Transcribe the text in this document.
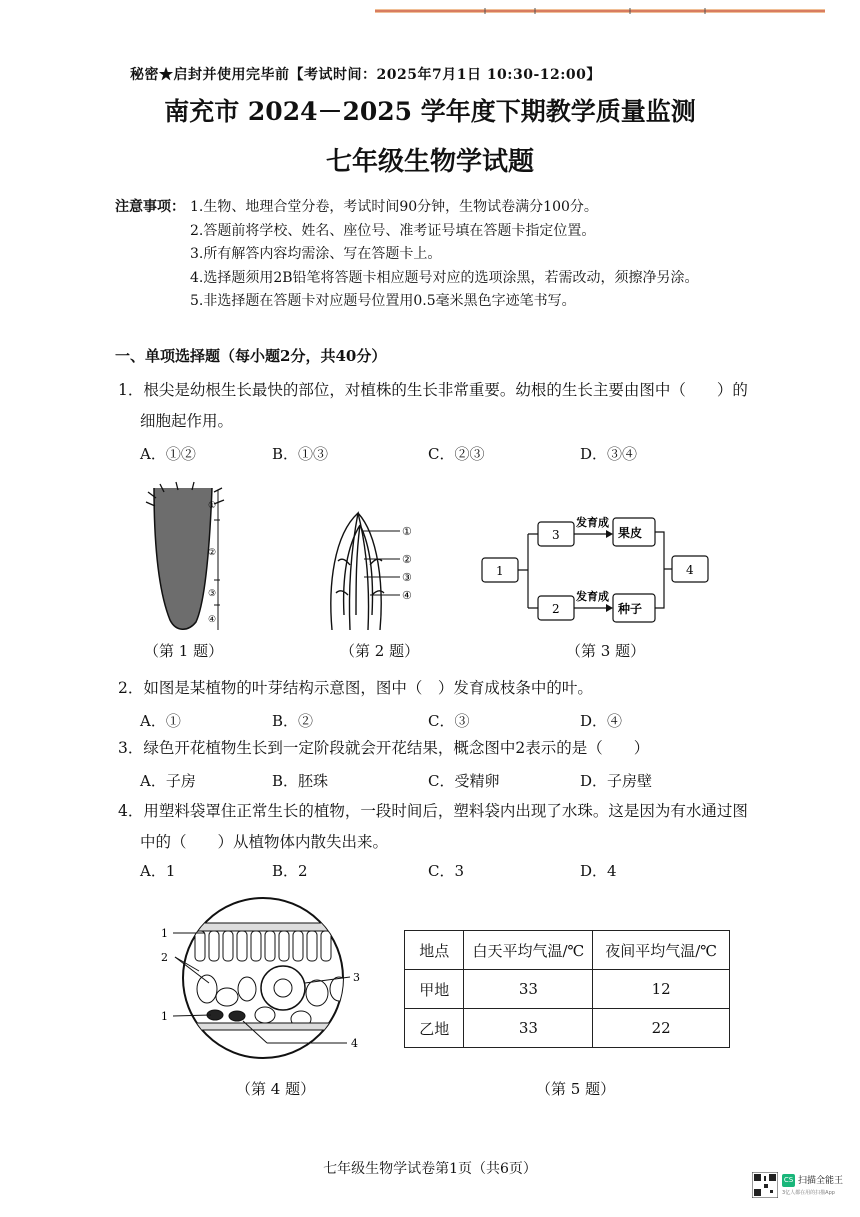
秘密★启封并使用完毕前【考试时间：2025年7月1日 10:30-12:00】
南充市 2024－2025 学年度下期教学质量监测
七年级生物学试题
注意事项： 1.生物、地理合堂分卷，考试时间90分钟，生物试卷满分100分。
2.答题前将学校、姓名、座位号、准考证号填在答题卡指定位置。
3.所有解答内容均需涂、写在答题卡上。
4.选择题须用2B铅笔将答题卡相应题号对应的选项涂黑，若需改动，须擦净另涂。
5.非选择题在答题卡对应题号位置用0.5毫米黑色字迹笔书写。
一、单项选择题（每小题2分，共40分）
1．根尖是幼根生长最快的部位，对植株的生长非常重要。幼根的生长主要由图中（　　）的
细胞起作用。
A．①②	B．①③	C．②③	D．③④
①
②
③
④
（第 1 题）
①
②
③
④
（第 2 题）
1
3
2
4
果皮
种子
发育成
发育成
（第 3 题）
2．如图是某植物的叶芽结构示意图，图中（　）发育成枝条中的叶。
A．①	B．②	C．③	D．④
3．绿色开花植物生长到一定阶段就会开花结果，概念图中2表示的是（　　）
A．子房	B．胚珠	C．受精卵	D．子房壁
4．用塑料袋罩住正常生长的植物，一段时间后，塑料袋内出现了水珠。这是因为有水通过图
中的（　　）从植物体内散失出来。
A．1	B．2	C．3	D．4
1
2
3
1
4
（第 4 题）
地点	白天平均气温/℃	夜间平均气温/℃
甲地	33	12
乙地	33	22
（第 5 题）
七年级生物学试卷第1页（共6页）
CS 扫描全能王
3亿人都在用的扫描App
